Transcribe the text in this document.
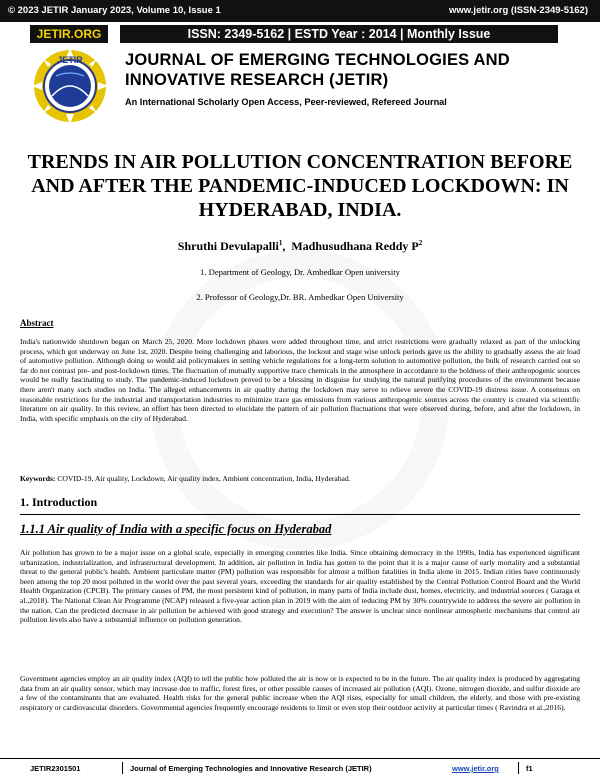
© 2023 JETIR January 2023, Volume 10, Issue 1	www.jetir.org (ISSN-2349-5162)
JETIR.ORG	ISSN: 2349-5162 | ESTD Year : 2014 | Monthly Issue
JETIR	JOURNAL OF EMERGING TECHNOLOGIES AND INNOVATIVE RESEARCH (JETIR)
An International Scholarly Open Access, Peer-reviewed, Refereed Journal
TRENDS IN AIR POLLUTION CONCENTRATION BEFORE AND AFTER THE PANDEMIC-INDUCED LOCKDOWN: IN HYDERABAD, INDIA.
Shruthi Devulapalli$^1$,  Madhusudhana Reddy $P^2$
1. Department of Geology, Dr. Ambedkar Open university
2. Professor of Geology,Dr. BR. Ambedkar Open University
Abstract
India's nationwide shutdown began on March 25, 2020. More lockdown phases were added throughout time, and strict restrictions were gradually relaxed as part of the unlocking process, which got underway on June 1st, 2020. Despite being challenging and laborious, the lockout and stage wise unlock periods gave us the ability to gradually assess the air load of automotive pollution. Although doing so would aid policymakers in setting vehicle regulations for a long-term solution to automotive pollution, the bulk of research carried out so far do not contrast pre- and post-lockdown times. The fluctuation of mutually supportive trace chemicals in the atmosphere in accordance to the boldness of their anthropogenic sources would be really fascinating to study. The pandemic-induced lockdown proved to be a blessing in disguise for studying the natural purifying procedures of the environment because there aren't many such studies on India. The alleged enhancements in air quality during the lockdown may serve to relieve severe the COVID-19 distress issue. A consensus on reasonable restrictions for the industrial and transportation industries to minimize trace gas emissions from various anthropogenic sources across the country is created via scientific literature on air quality. In this review, an effort has been directed to elucidate the pattern of air pollution fluctuations that were observed during, before, and after the lockdown, in India, with specific emphasis on the city of Hyderabad.
Keywords: COVID-19, Air quality, Lockdown, Air quality index, Ambient concentration, India, Hyderabad.
1. Introduction
1.1.1 Air quality of India with a specific focus on Hyderabad
Air pollution has grown to be a major issue on a global scale, especially in emerging countries like India. Since obtaining democracy in the 1990s, India has experienced significant urbanization, industrialization, and infrastructural development. In addition, air pollution in India has gotten to the point that it is a major cause of early mortality and a substantial threat to the general public's health. Ambient particulate matter (PM) pollution was responsible for almost a million fatalities in India alone in 2015. Indian cities have continuously been among the top 20 most polluted in the world over the past several years, exceeding the standards for air quality established by the Central Pollution Control Board and the World Health Organization (CPCB). The primary causes of PM, the most persistent kind of pollution, in many parts of India include dust, homes, electricity, and industrial sources ( Garaga et al.,2018). The National Clean Air Programme (NCAP) released a five-year action plan in 2019 with the aim of reducing PM by 30% countrywide to address the severe air pollution in the nation. Can the predicted decrease in air pollution be achieved with good strategy and execution? The answer is unclear since nonlinear atmospheric mechanisms that control air pollution levels also have a substantial influence on pollution generation.
Government agencies employ an air quality index (AQI) to tell the public how polluted the air is now or is expected to be in the future. The air quality index is produced by aggregating data from an air quality sensor, which may increase due to traffic, forest fires, or other possible causes of increased air pollution (AQI). Ozone, nitrogen dioxide, and sulfur dioxide are a few of the contaminants that are evaluated. Health risks for the general public increase when the AQI rises, especially for small children, the elderly, and those with pre-existing respiratory or cardiovascular disorders. Governmental agencies frequently encourage residents to limit or even stop their outdoor activity at particular times ( Ravindra et al.,2016).
JETIR2301501	Journal of Emerging Technologies and Innovative Research (JETIR)	www.jetir.org	f1
